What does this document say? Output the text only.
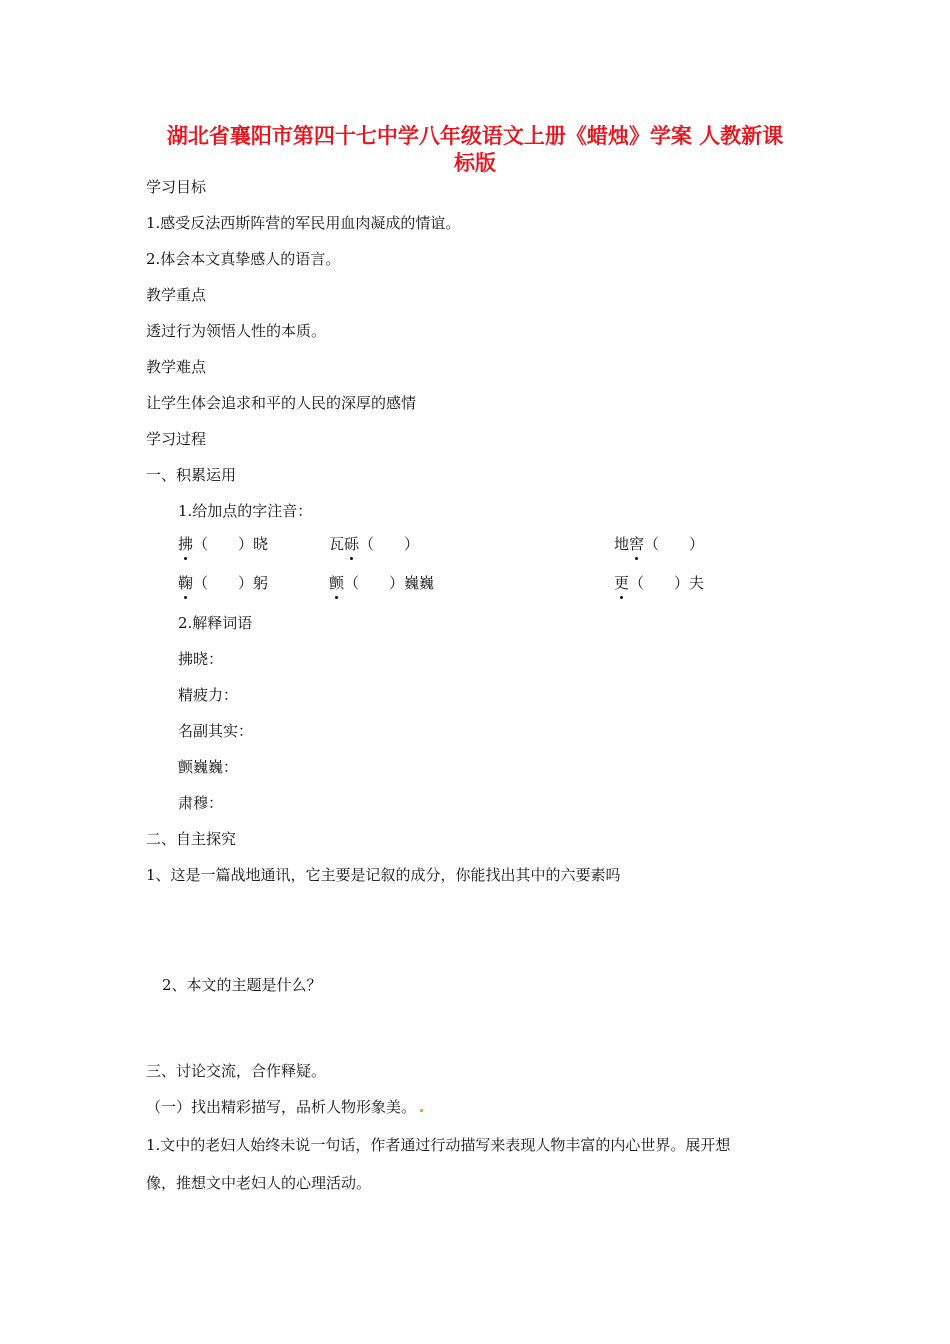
湖北省襄阳市第四十七中学八年级语文上册《蜡烛》学案 人教新课
标版
学习目标
1.感受反法西斯阵营的军民用血肉凝成的情谊。
2.体会本文真挚感人的语言。
教学重点
透过行为领悟人性的本质。
教学难点
让学生体会追求和平的人民的深厚的感情
学习过程
一、积累运用
1.给加点的字注音：
拂（　　）晓	瓦砾（　　）	地窖（　　）
鞠（　　）躬	颤（　　）巍巍	更（　　）夫
2.解释词语
拂晓：
精疲力：
名副其实：
颤巍巍：
肃穆：
二、自主探究
1、这是一篇战地通讯，它主要是记叙的成分，你能找出其中的六要素吗
2、本文的主题是什么？
三、讨论交流，合作释疑。
（一）找出精彩描写，品析人物形象美。
1.文中的老妇人始终未说一句话，作者通过行动描写来表现人物丰富的内心世界。展开想
像，推想文中老妇人的心理活动。
